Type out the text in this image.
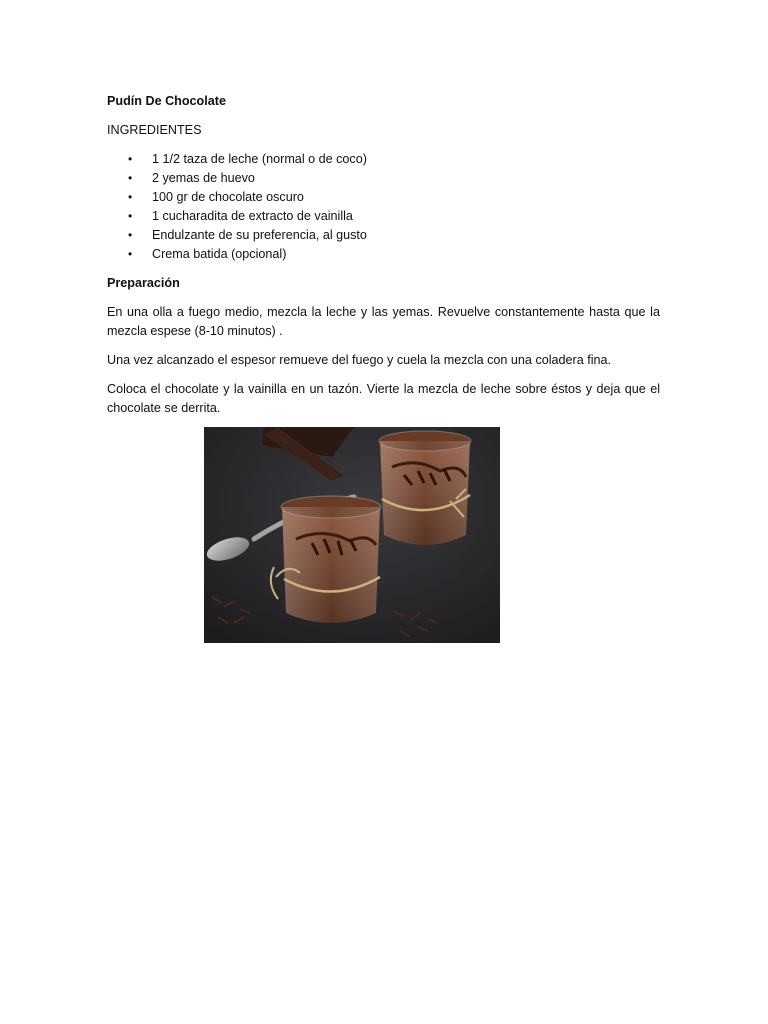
Pudín De Chocolate
INGREDIENTES
• 1 1/2 taza de leche (normal o de coco)
• 2 yemas de huevo
• 100 gr de chocolate oscuro
• 1 cucharadita de extracto de vainilla
• Endulzante de su preferencia, al gusto
• Crema batida (opcional)
Preparación

En una olla a fuego medio, mezcla la leche y las yemas. Revuelve constantemente hasta que la mezcla espese (8-10 minutos) .

Una vez alcanzado el espesor remueve del fuego y cuela la mezcla con una coladera fina.

Coloca el chocolate y la vainilla en un tazón. Vierte la mezcla de leche sobre éstos y deja que el chocolate se derrita.
